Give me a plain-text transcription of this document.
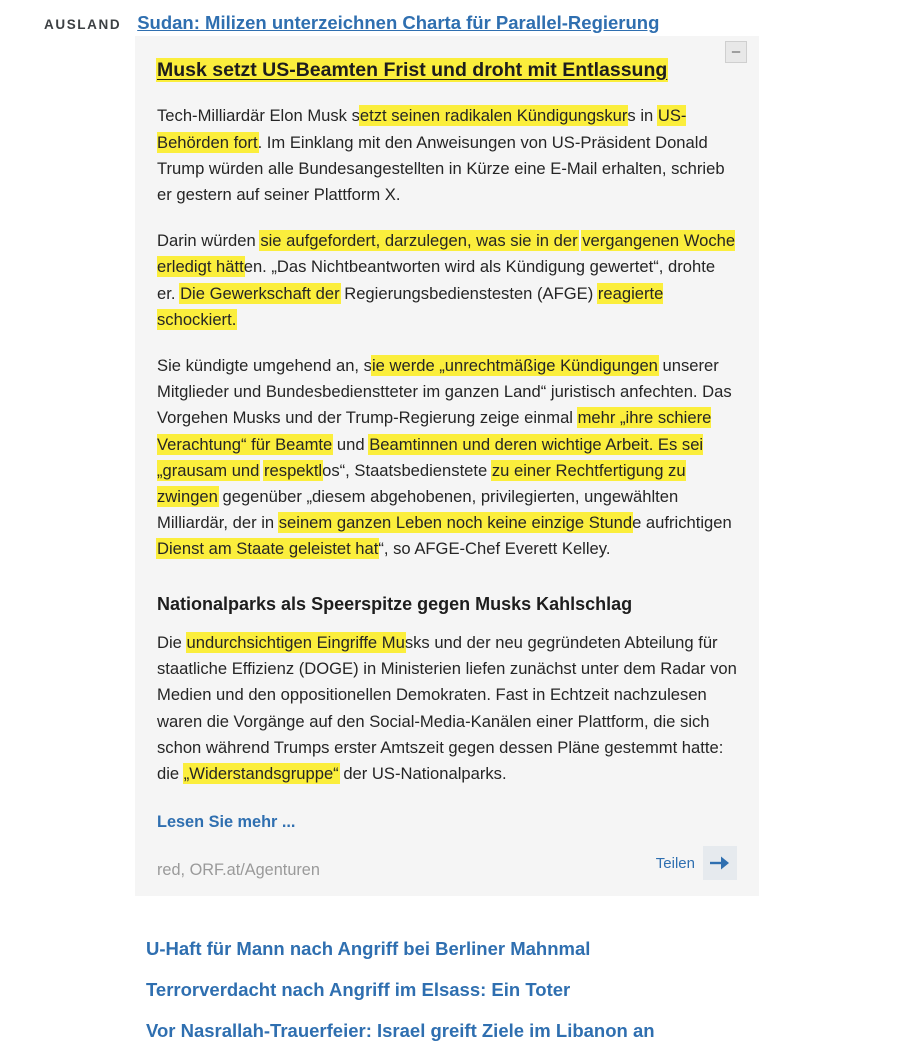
AUSLAND Sudan: Milizen unterzeichnen Charta für Parallel-Regierung
–
Musk setzt US-Beamten Frist und droht mit Entlassung

Tech-Milliardär Elon Musk setzt seinen radikalen Kündigungskurs in US-Behörden fort. Im Einklang mit den Anweisungen von US-Präsident Donald Trump würden alle Bundesangestellten in Kürze eine E-Mail erhalten, schrieb er gestern auf seiner Plattform X.

Darin würden sie aufgefordert, darzulegen, was sie in der vergangenen Woche erledigt hätten. „Das Nichtbeantworten wird als Kündigung gewertet“, drohte er. Die Gewerkschaft der Regierungsbedienstesten (AFGE) reagierte schockiert.

Sie kündigte umgehend an, sie werde „unrechtmäßige Kündigungen unserer Mitglieder und Bundesbedienstteter im ganzen Land“ juristisch anfechten. Das Vorgehen Musks und der Trump-Regierung zeige einmal mehr „ihre schiere Verachtung“ für Beamte und Beamtinnen und deren wichtige Arbeit. Es sei „grausam und respektlos“, Staatsbedienstete zu einer Rechtfertigung zu zwingen gegenüber „diesem abgehobenen, privilegierten, ungewählten Milliardär, der in seinem ganzen Leben noch keine einzige Stunde aufrichtigen Dienst am Staate geleistet hat“, so AFGE-Chef Everett Kelley.

Nationalparks als Speerspitze gegen Musks Kahlschlag

Die undurchsichtigen Eingriffe Musks und der neu gegründeten Abteilung für staatliche Effizienz (DOGE) in Ministerien liefen zunächst unter dem Radar von Medien und den oppositionellen Demokraten. Fast in Echtzeit nachzulesen waren die Vorgänge auf den Social-Media-Kanälen einer Plattform, die sich schon während Trumps erster Amtszeit gegen dessen Pläne gestemmt hatte: die „Widerstandsgruppe“ der US-Nationalparks.

Lesen Sie mehr ...
red, ORF.at/Agenturen	Teilen
U-Haft für Mann nach Angriff bei Berliner Mahnmal
Terrorverdacht nach Angriff im Elsass: Ein Toter
Vor Nasrallah-Trauerfeier: Israel greift Ziele im Libanon an
